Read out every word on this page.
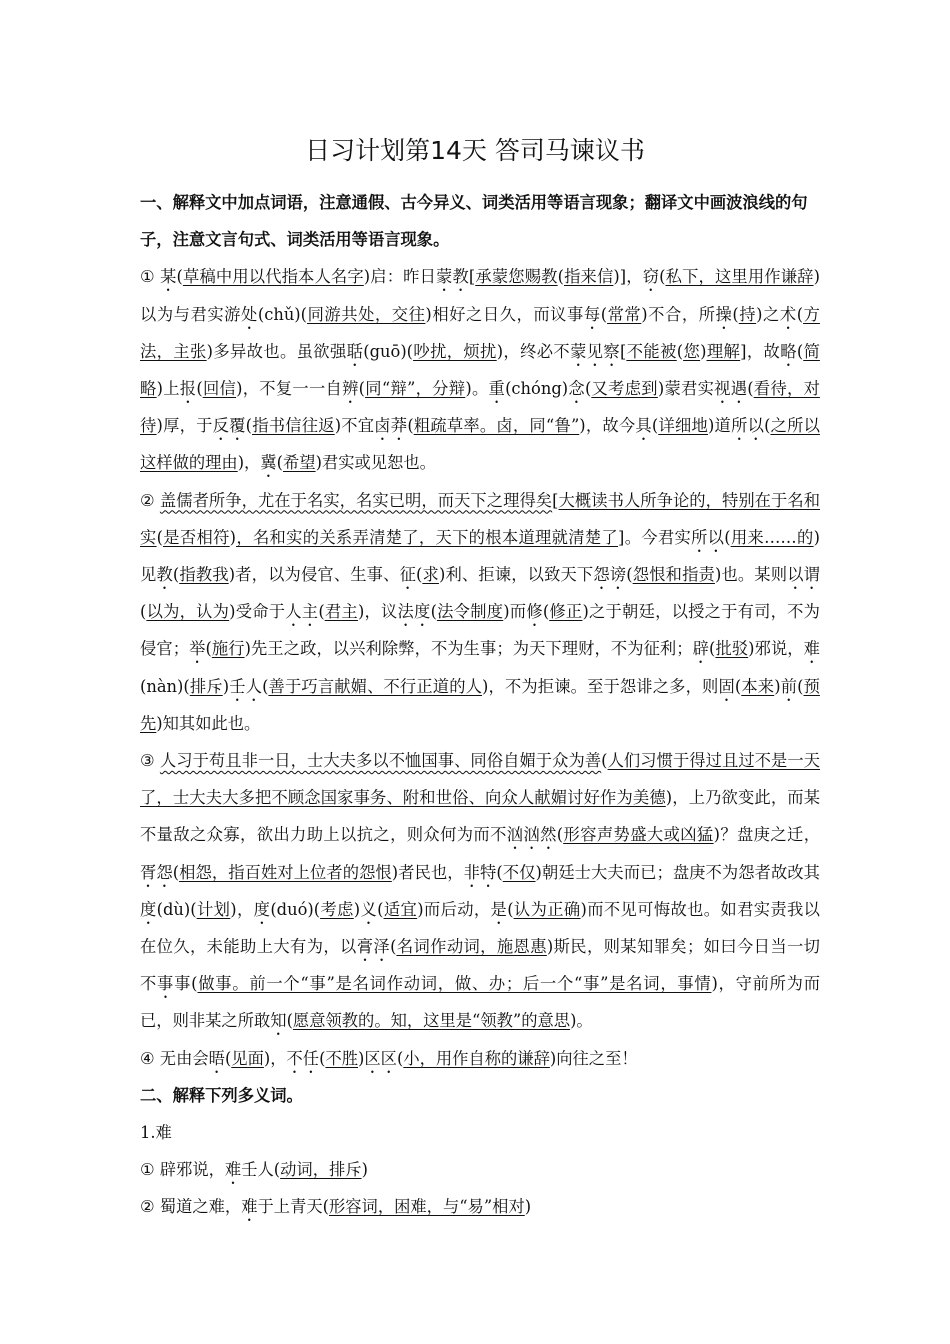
日习计划第14天 答司马谏议书

一、解释文中加点词语，注意通假、古今异义、词类活用等语言现象；翻译文中画波浪线的句子，注意文言句式、词类活用等语言现象。

① 某(草稿中用以代指本人名字)启：昨日蒙教[承蒙您赐教(指来信)]，窃(私下，这里用作谦辞)以为与君实游处(chǔ)(同游共处，交往)相好之日久，而议事每(常常)不合，所操(持)之术(方法，主张)多异故也。虽欲强聒(guō)(吵扰，烦扰)，终必不蒙见察[不能被(您)理解]，故略(简略)上报(回信)，不复一一自辨(同“辩”，分辩)。重(chóng)念(又考虑到)蒙君实视遇(看待，对待)厚，于反覆(指书信往返)不宜卤莽(粗疏草率。卤，同“鲁”)，故今具(详细地)道所以(之所以这样做的理由)，冀(希望)君实或见恕也。

② 盖儒者所争，尤在于名实，名实已明，而天下之理得矣[大概读书人所争论的，特别在于名和实(是否相符)，名和实的关系弄清楚了，天下的根本道理就清楚了]。今君实所以(用来……的)见教(指教我)者，以为侵官、生事、征(求)利、拒谏，以致天下怨谤(怨恨和指责)也。某则以谓(以为，认为)受命于人主(君主)，议法度(法令制度)而修(修正)之于朝廷，以授之于有司，不为侵官；举(施行)先王之政，以兴利除弊，不为生事；为天下理财，不为征利；辟(批驳)邪说，难(nàn)(排斥)壬人(善于巧言献媚、不行正道的人)，不为拒谏。至于怨诽之多，则固(本来)前(预先)知其如此也。

③ 人习于苟且非一日，士大夫多以不恤国事、同俗自媚于众为善(人们习惯于得过且过不是一天了，士大夫大多把不顾念国家事务、附和世俗、向众人献媚讨好作为美德)，上乃欲变此，而某不量敌之众寡，欲出力助上以抗之，则众何为而不汹汹然(形容声势盛大或凶猛)？盘庚之迁，胥怨(相怨，指百姓对上位者的怨恨)者民也，非特(不仅)朝廷士大夫而已；盘庚不为怨者故改其度(dù)(计划)，度(duó)(考虑)义(适宜)而后动，是(认为正确)而不见可悔故也。如君实责我以在位久，未能助上大有为，以膏泽(名词作动词，施恩惠)斯民，则某知罪矣；如曰今日当一切不事事(做事。前一个“事”是名词作动词，做、办；后一个“事”是名词，事情)，守前所为而已，则非某之所敢知(愿意领教的。知，这里是“领教”的意思)。

④ 无由会晤(见面)，不任(不胜)区区(小，用作自称的谦辞)向往之至！

二、解释下列多义词。

1.难

① 辟邪说，难壬人(动词，排斥)

② 蜀道之难，难于上青天(形容词，困难，与“易”相对)
